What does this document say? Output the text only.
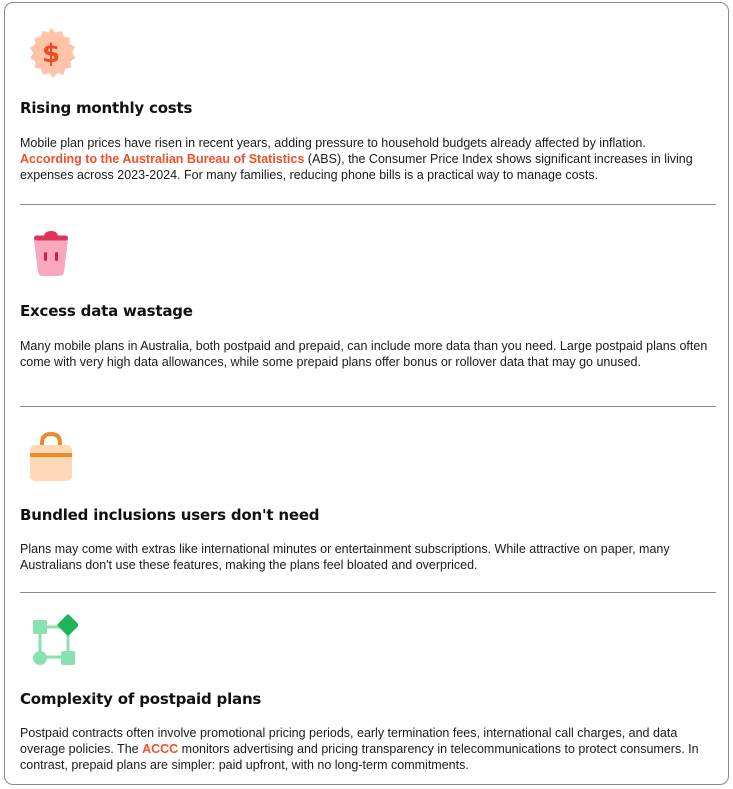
$
Rising monthly costs

Mobile plan prices have risen in recent years, adding pressure to household budgets already affected by inflation.
According to the Australian Bureau of Statistics (ABS), the Consumer Price Index shows significant increases in living expenses across 2023-2024. For many families, reducing phone bills is a practical way to manage costs.

Excess data wastage

Many mobile plans in Australia, both postpaid and prepaid, can include more data than you need. Large postpaid plans often come with very high data allowances, while some prepaid plans offer bonus or rollover data that may go unused.

Bundled inclusions users don't need

Plans may come with extras like international minutes or entertainment subscriptions. While attractive on paper, many Australians don't use these features, making the plans feel bloated and overpriced.

Complexity of postpaid plans

Postpaid contracts often involve promotional pricing periods, early termination fees, international call charges, and data overage policies. The ACCC monitors advertising and pricing transparency in telecommunications to protect consumers. In contrast, prepaid plans are simpler: paid upfront, with no long-term commitments.
